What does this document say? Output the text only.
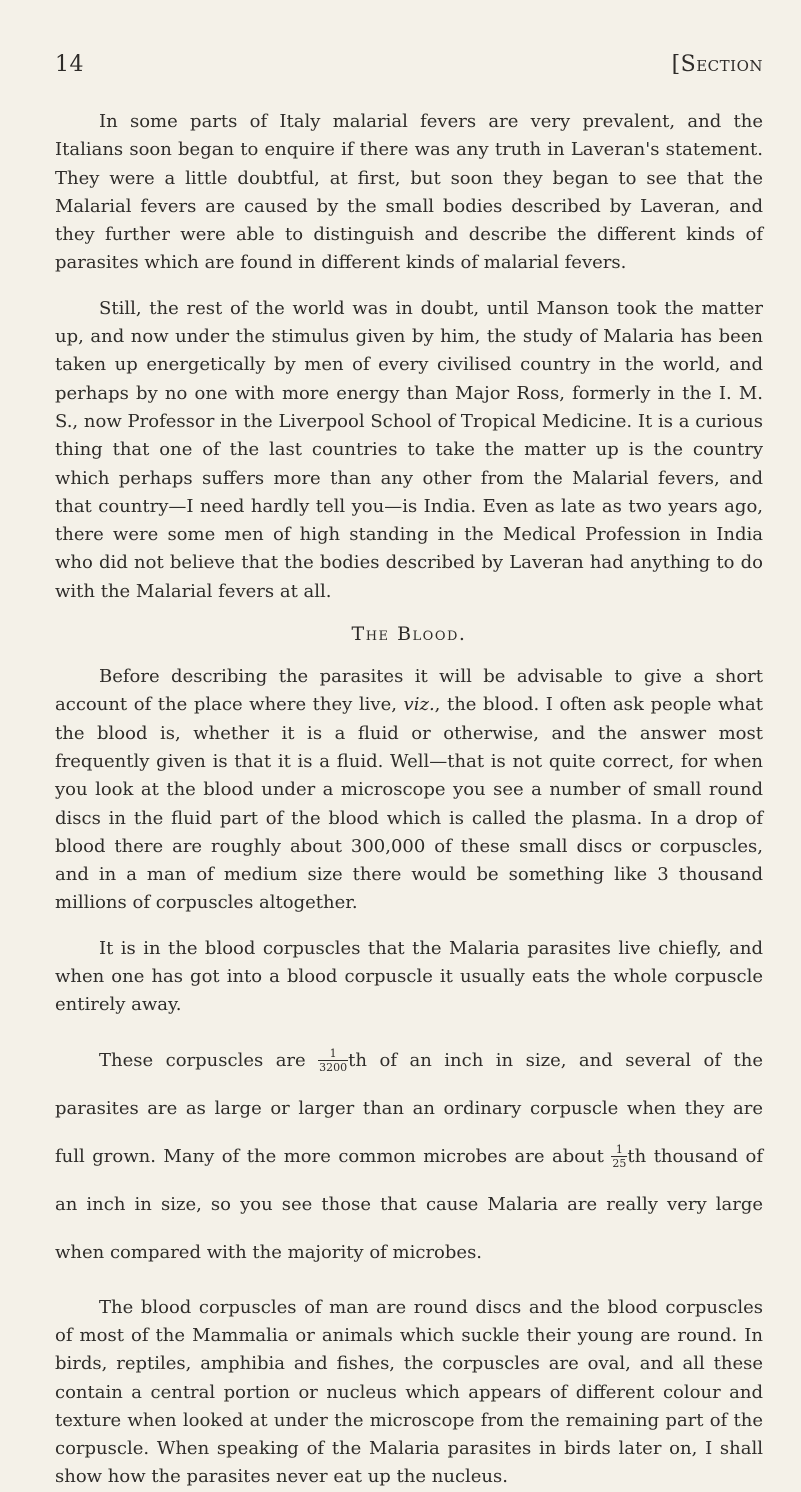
14	[Section

In some parts of Italy malarial fevers are very prevalent, and the Italians soon began to enquire if there was any truth in Laveran's statement. They were a little doubtful, at first, but soon they began to see that the Malarial fevers are caused by the small bodies described by Laveran, and they further were able to distinguish and describe the different kinds of parasites which are found in different kinds of malarial fevers.

Still, the rest of the world was in doubt, until Manson took the matter up, and now under the stimulus given by him, the study of Malaria has been taken up energetically by men of every civilised country in the world, and perhaps by no one with more energy than Major Ross, formerly in the I. M. S., now Professor in the Liverpool School of Tropical Medicine. It is a curious thing that one of the last countries to take the matter up is the country which perhaps suffers more than any other from the Malarial fevers, and that country—I need hardly tell you—is India. Even as late as two years ago, there were some men of high standing in the Medical Profession in India who did not believe that the bodies described by Laveran had anything to do with the Malarial fevers at all.

The Blood.

Before describing the parasites it will be advisable to give a short account of the place where they live, viz., the blood. I often ask people what the blood is, whether it is a fluid or otherwise, and the answer most frequently given is that it is a fluid. Well—that is not quite correct, for when you look at the blood under a microscope you see a number of small round discs in the fluid part of the blood which is called the plasma. In a drop of blood there are roughly about 300,000 of these small discs or corpuscles, and in a man of medium size there would be something like 3 thousand millions of corpuscles altogether.

It is in the blood corpuscles that the Malaria parasites live chiefly, and when one has got into a blood corpuscle it usually eats the whole corpuscle entirely away.

These corpuscles are $\frac{1}{3200}$ th of an inch in size, and several of the parasites are as large or larger than an ordinary corpuscle when they are full grown. Many of the more common microbes are about $\frac{1}{25}$ th thousand of an inch in size, so you see those that cause Malaria are really very large when compared with the majority of microbes.

The blood corpuscles of man are round discs and the blood corpuscles of most of the Mammalia or animals which suckle their young are round. In birds, reptiles, amphibia and fishes, the corpuscles are oval, and all these contain a central portion or nucleus which appears of different colour and texture when looked at under the microscope from the remaining part of the corpuscle. When speaking of the Malaria parasites in birds later on, I shall show how the parasites never eat up the nucleus.
